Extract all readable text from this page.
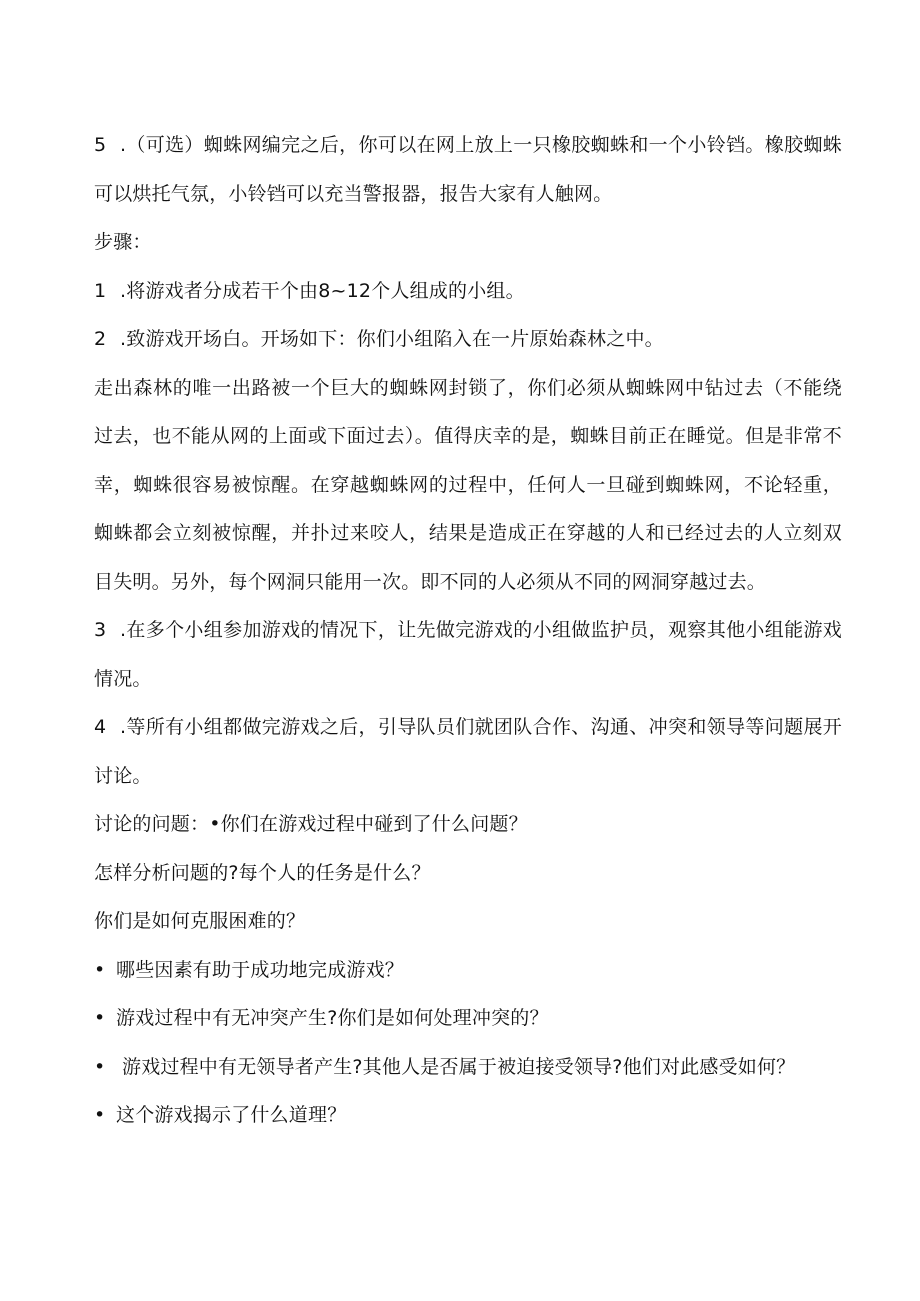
5 .（可选）蜘蛛网编完之后，你可以在网上放上一只橡胶蜘蛛和一个小铃铛。橡胶蜘蛛可以烘托气氛，小铃铛可以充当警报器，报告大家有人触网。

步骤：

1 .将游戏者分成若干个由8~12个人组成的小组。

2 .致游戏开场白。开场如下：你们小组陷入在一片原始森林之中。

走出森林的唯一出路被一个巨大的蜘蛛网封锁了，你们必须从蜘蛛网中钻过去（不能绕过去，也不能从网的上面或下面过去）。值得庆幸的是，蜘蛛目前正在睡觉。但是非常不幸，蜘蛛很容易被惊醒。在穿越蜘蛛网的过程中，任何人一旦碰到蜘蛛网，不论轻重，蜘蛛都会立刻被惊醒，并扑过来咬人，结果是造成正在穿越的人和已经过去的人立刻双目失明。另外，每个网洞只能用一次。即不同的人必须从不同的网洞穿越过去。

3 .在多个小组参加游戏的情况下，让先做完游戏的小组做监护员，观察其他小组能游戏情况。

4 .等所有小组都做完游戏之后，引导队员们就团队合作、沟通、冲突和领导等问题展开讨论。

讨论的问题：•你们在游戏过程中碰到了什么问题？

怎样分析问题的?每个人的任务是什么？

你们是如何克服困难的？

• 哪些因素有助于成功地完成游戏？

• 游戏过程中有无冲突产生?你们是如何处理冲突的？

• 游戏过程中有无领导者产生?其他人是否属于被迫接受领导?他们对此感受如何？

• 这个游戏揭示了什么道理？
